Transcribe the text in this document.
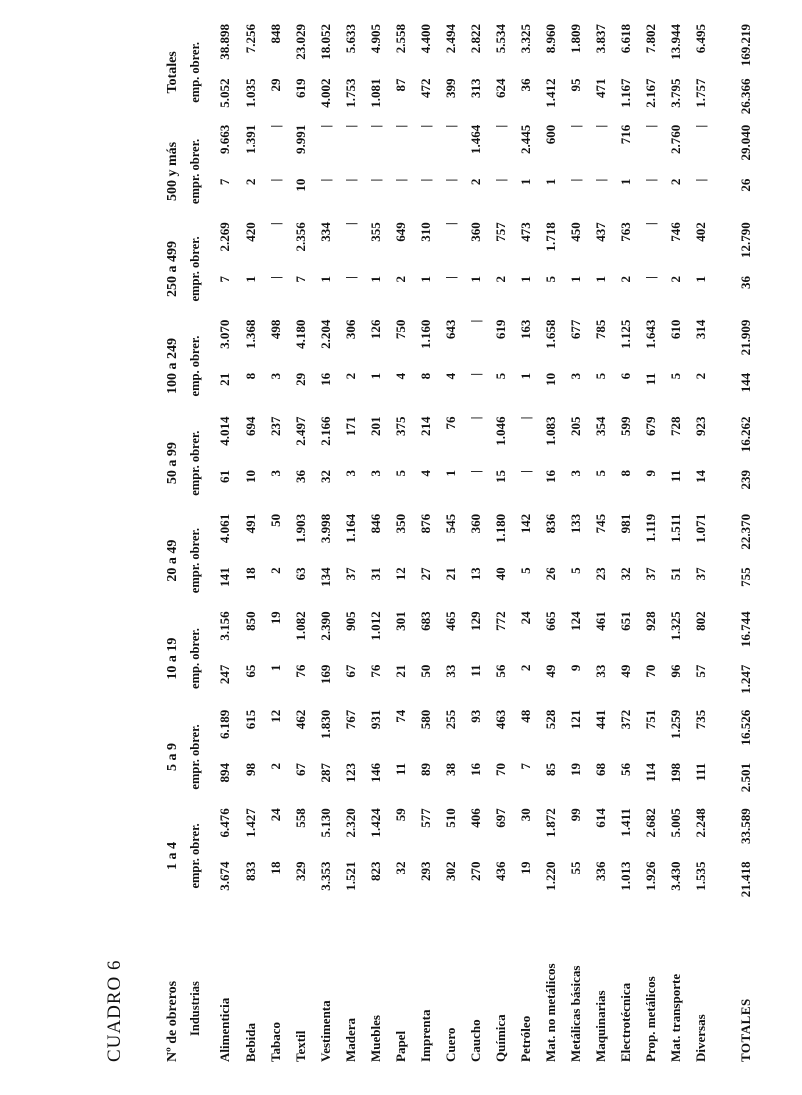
CUADRO 6	Nº de obreros	1 a 4		5 a 9		10 a 19		20 a 49		50 a 99		100 a 249		250 a 499		500 y más		Totales	
Industrias	empr. obrer.		empr. obrer.		emp. obrer.		empr. obrer.		empr. obrer.		emp. obrer.		empr. obrer.		empr. obrer.		emp. obrer.	
Alimenticia	3.674	6.476	894	6.189	247	3.156	141	4.061	61	4.014	21	3.070	7	2.269	7	9.663	5.052	38.898
Bebida	833	1.427	98	615	65	850	18	491	10	694	8	1.368	1	420	2	1.391	1.035	7.256
Tabaco	18	24	2	12	1	19	2	50	3	237	3	498	|	|	|	|	29	848
Textil	329	558	67	462	76	1.082	63	1.903	36	2.497	29	4.180	7	2.356	10	9.991	619	23.029
Vestimenta	3.353	5.130	287	1.830	169	2.390	134	3.998	32	2.166	16	2.204	1	334	|	|	4.002	18.052
Madera	1.521	2.320	123	767	67	905	37	1.164	3	171	2	306	|	|	|	|	1.753	5.633
Muebles	823	1.424	146	931	76	1.012	31	846	3	201	1	126	1	355	|	|	1.081	4.905
Papel	32	59	11	74	21	301	12	350	5	375	4	750	2	649	|	|	87	2.558
Imprenta	293	577	89	580	50	683	27	876	4	214	8	1.160	1	310	|	|	472	4.400
Cuero	302	510	38	255	33	465	21	545	1	76	4	643	|	|	|	|	399	2.494
Caucho	270	406	16	93	11	129	13	360	|	|	|	|	1	360	2	1.464	313	2.822
Química	436	697	70	463	56	772	40	1.180	15	1.046	5	619	2	757	|	|	624	5.534
Petróleo	19	30	7	48	2	24	5	142	|	|	1	163	1	473	1	2.445	36	3.325
Mat. no metálicos	1.220	1.872	85	528	49	665	26	836	16	1.083	10	1.658	5	1.718	1	600	1.412	8.960
Metálicas básicas	55	99	19	121	9	124	5	133	3	205	3	677	1	450	|	|	95	1.809
Maquinarias	336	614	68	441	33	461	23	745	5	354	5	785	1	437	|	|	471	3.837
Electrotécnica	1.013	1.411	56	372	49	651	32	981	8	599	6	1.125	2	763	1	716	1.167	6.618
Prop. metálicos	1.926	2.682	114	751	70	928	37	1.119	9	679	11	1.643	|	|	|	|	2.167	7.802
Mat. transporte	3.430	5.005	198	1.259	96	1.325	51	1.511	11	728	5	610	2	746	2	2.760	3.795	13.944
Diversas	1.535	2.248	111	735	57	802	37	1.071	14	923	2	314	1	402	|	|	1.757	6.495

TOTALES	21.418	33.589	2.501	16.526	1.247	16.744	755	22.370	239	16.262	144	21.909	36	12.790	26	29.040	26.366	169.219
